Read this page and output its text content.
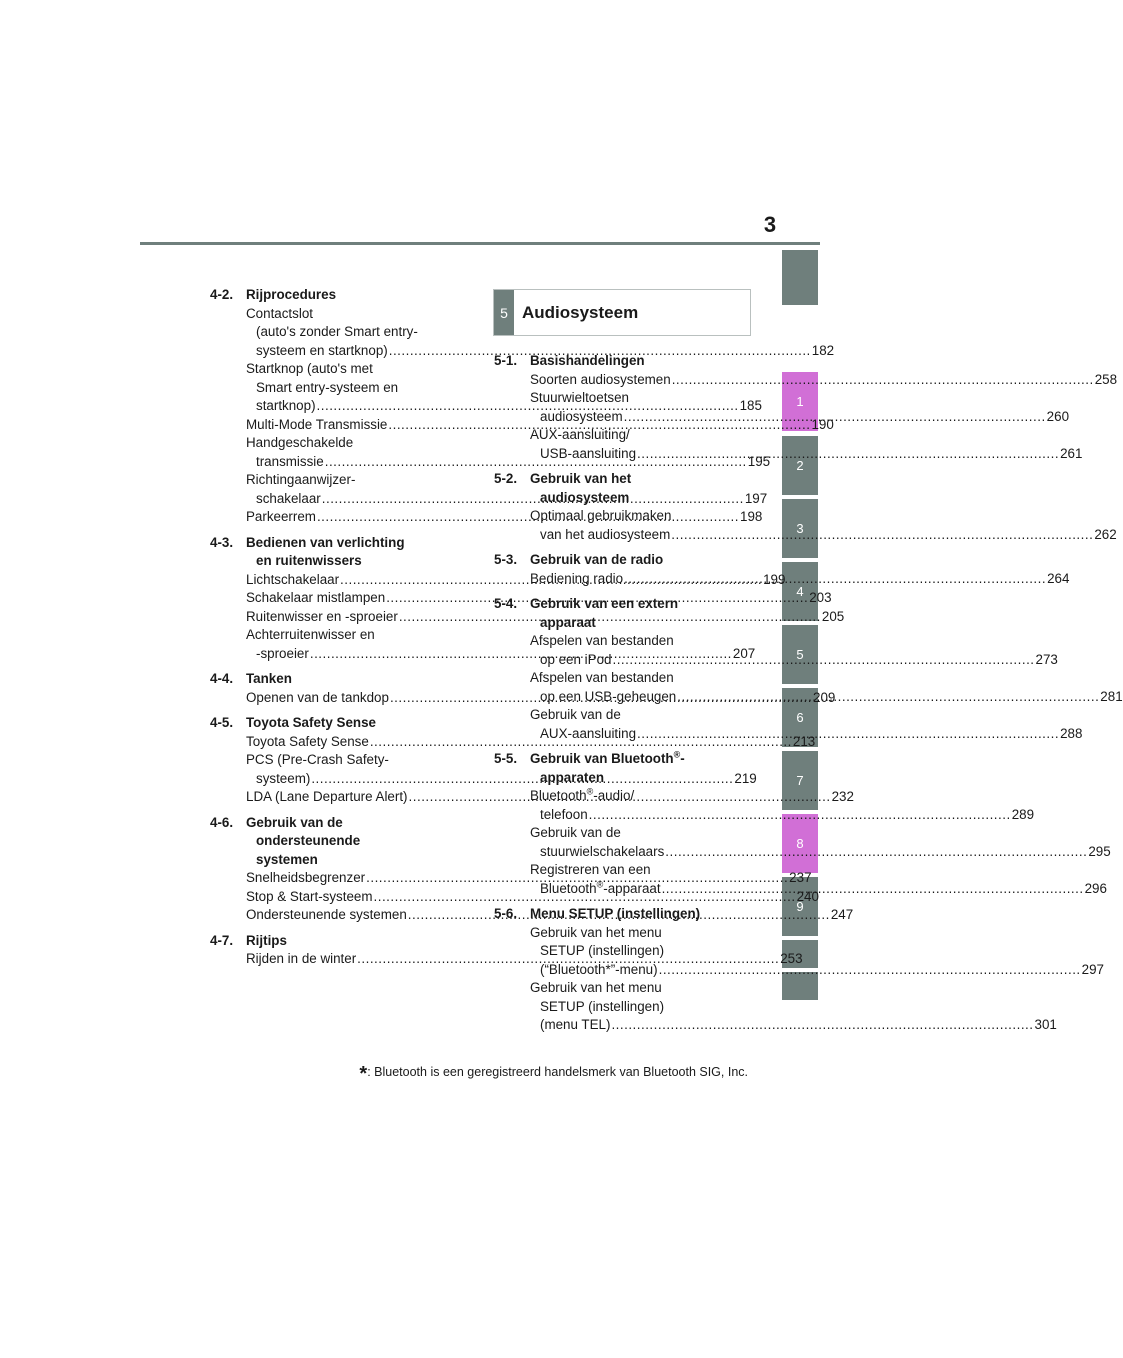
3
1
2
3
4
5
6
7
8
9
4-2. Rijprocedures
Contactslot
(auto's zonder Smart entry-
systeem en startknop) .....	182
Startknop (auto's met
Smart entry-systeem en
startknop) .....	185
Multi-Mode Transmissie .....	190
Handgeschakelde
transmissie .....	195
Richtingaanwijzer-
schakelaar .....	197
Parkeerrem .....	198
4-3. Bedienen van verlichting
en ruitenwissers
Lichtschakelaar .....	199
Schakelaar mistlampen .....	203
Ruitenwisser en -sproeier .....	205
Achterruitenwisser en
-sproeier .....	207
4-4. Tanken
Openen van de tankdop .....	209
4-5. Toyota Safety Sense
Toyota Safety Sense .....	213
PCS (Pre-Crash Safety-
systeem) .....	219
LDA (Lane Departure Alert) .....	232
4-6. Gebruik van de
ondersteunende
systemen
Snelheidsbegrenzer .....	237
Stop & Start-systeem .....	240
Ondersteunende systemen .....	247
4-7. Rijtips
Rijden in de winter .....	253
5 Audiosysteem
5-1. Basishandelingen
Soorten audiosystemen .....	258
Stuurwieltoetsen
audiosysteem .....	260
AUX-aansluiting/
USB-aansluiting .....	261
5-2. Gebruik van het
audiosysteem
Optimaal gebruikmaken
van het audiosysteem .....	262
5-3. Gebruik van de radio
Bediening radio .....	264
5-4. Gebruik van een extern
apparaat
Afspelen van bestanden
op een iPod .....	273
Afspelen van bestanden
op een USB-geheugen .....	281
Gebruik van de
AUX-aansluiting .....	288
5-5. Gebruik van Bluetooth®-
apparaten
Bluetooth®-audio/
telefoon .....	289
Gebruik van de
stuurwielschakelaars .....	295
Registreren van een
Bluetooth®-apparaat .....	296
5-6. Menu SETUP (instellingen)
Gebruik van het menu
SETUP (instellingen)
(“Bluetooth*”-menu) .....	297
Gebruik van het menu
SETUP (instellingen)
(menu TEL) .....	301
*: Bluetooth is een geregistreerd handelsmerk van Bluetooth SIG, Inc.
